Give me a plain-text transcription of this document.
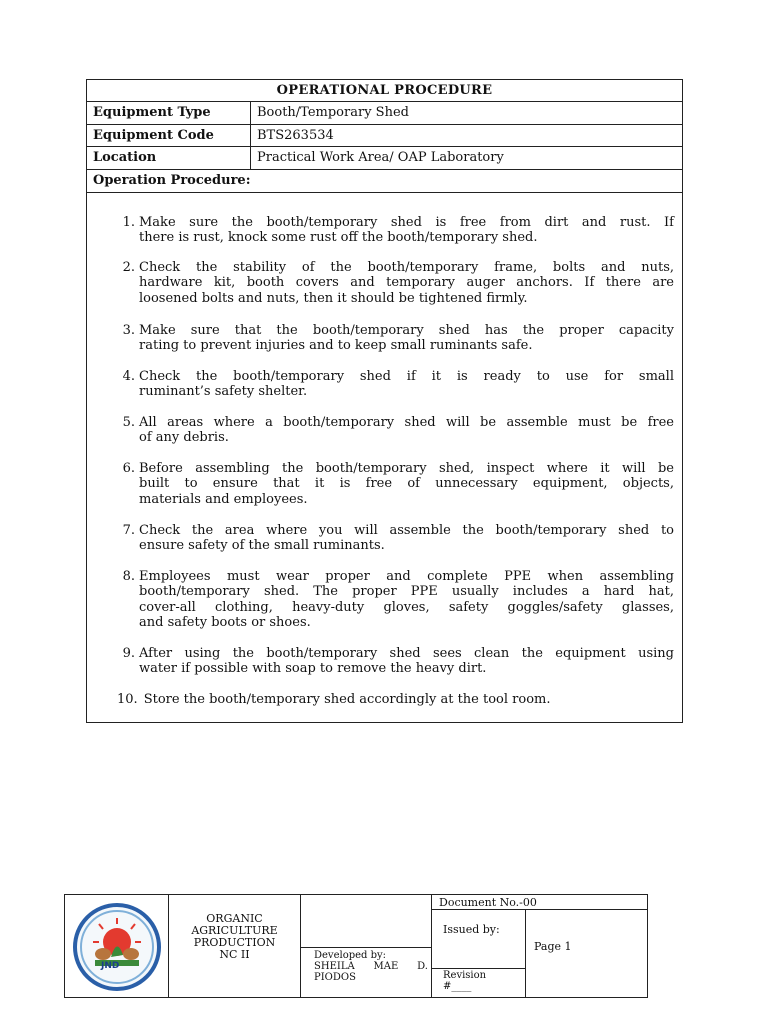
OPERATIONAL PROCEDURE
Equipment Type	Booth/Temporary Shed
Equipment Code	BTS263534
Location	Practical Work Area/ OAP Laboratory
Operation Procedure:
1. Make sure the booth/temporary shed is free from dirt and rust. If
there is rust, knock some rust off the booth/temporary shed.
2. Check the stability of the booth/temporary frame, bolts and nuts,
hardware kit, booth covers and temporary auger anchors. If there are
loosened bolts and nuts, then it should be tightened firmly.
3. Make sure that the booth/temporary shed has the proper capacity
rating to prevent injuries and to keep small ruminants safe.
4. Check the booth/temporary shed if it is ready to use for small
ruminant’s safety shelter.
5. All areas where a booth/temporary shed will be assemble must be free
of any debris.
6. Before assembling the booth/temporary shed, inspect where it will be
built to ensure that it is free of unnecessary equipment, objects,
materials and employees.
7. Check the area where you will assemble the booth/temporary shed to
ensure safety of the small ruminants.
8. Employees must wear proper and complete PPE when assembling
booth/temporary shed. The proper PPE usually includes a hard hat,
cover-all clothing, heavy-duty gloves, safety goggles/safety glasses,
and safety boots or shoes.
9. After using the booth/temporary shed sees clean the equipment using
water if possible with soap to remove the heavy dirt.
10. Store the booth/temporary shed accordingly at the tool room.
JND
ORGANIC
AGRICULTURE
PRODUCTION
NC II	Developed by:
SHEILA MAE D.
PIODOS
Document No.-00
Issued by:
Page 1
Revision
#____
